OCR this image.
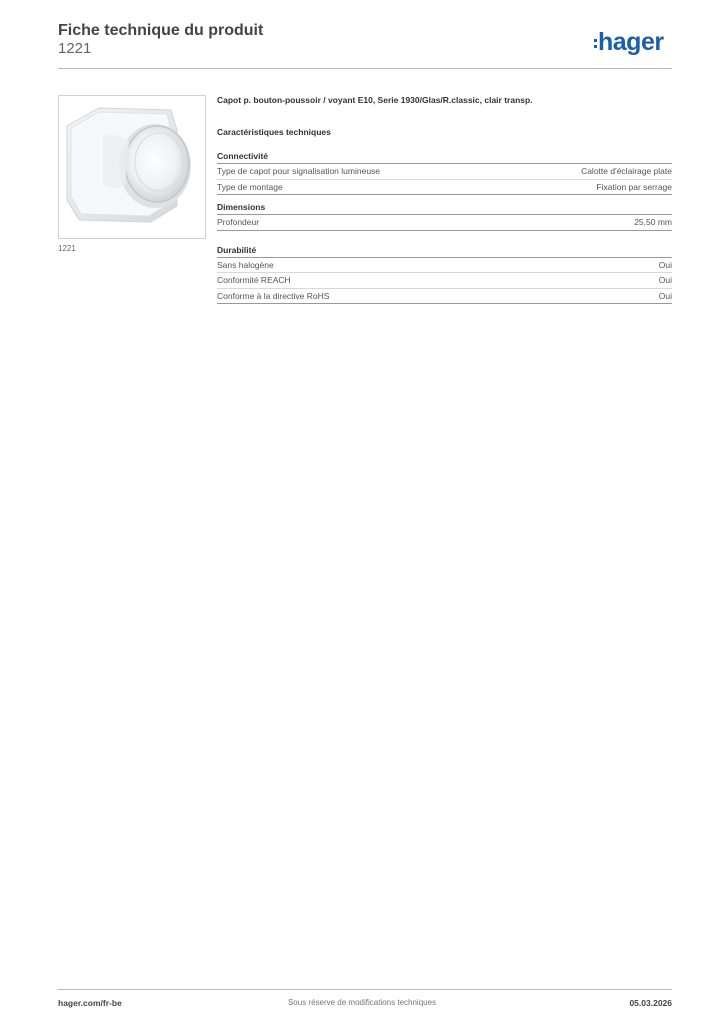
Fiche technique du produit
1221	hager
1221
Capot p. bouton-poussoir / voyant E10, Serie 1930/Glas/R.classic, clair transp.
Caractéristiques techniques
Connectivité
Type de capot pour signalisation lumineuse	Calotte d'éclairage plate
Type de montage	Fixation par serrage
Dimensions
Profondeur	25,50 mm
Durabilité
Sans halogène	Oui
Conformité REACH	Oui
Conforme à la directive RoHS	Oui
hager.com/fr-be	Sous réserve de modifications techniques	05.03.2026
